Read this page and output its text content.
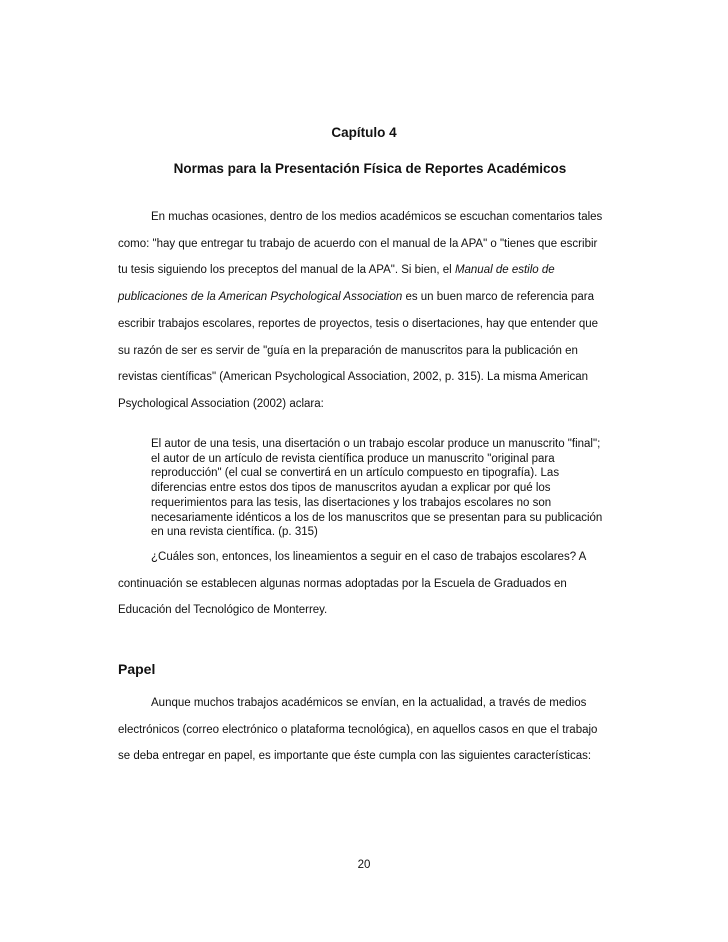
Capítulo 4
Normas para la Presentación Física de Reportes Académicos

En muchas ocasiones, dentro de los medios académicos se escuchan comentarios tales
como: "hay que entregar tu trabajo de acuerdo con el manual de la APA" o "tienes que escribir
tu tesis siguiendo los preceptos del manual de la APA". Si bien, el Manual de estilo de
publicaciones de la American Psychological Association es un buen marco de referencia para
escribir trabajos escolares, reportes de proyectos, tesis o disertaciones, hay que entender que
su razón de ser es servir de "guía en la preparación de manuscritos para la publicación en
revistas científicas" (American Psychological Association, 2002, p. 315). La misma American
Psychological Association (2002) aclara:

El autor de una tesis, una disertación o un trabajo escolar produce un manuscrito "final";
el autor de un artículo de revista científica produce un manuscrito "original para
reproducción" (el cual se convertirá en un artículo compuesto en tipografía). Las
diferencias entre estos dos tipos de manuscritos ayudan a explicar por qué los
requerimientos para las tesis, las disertaciones y los trabajos escolares no son
necesariamente idénticos a los de los manuscritos que se presentan para su publicación
en una revista científica. (p. 315)

¿Cuáles son, entonces, los lineamientos a seguir en el caso de trabajos escolares? A
continuación se establecen algunas normas adoptadas por la Escuela de Graduados en
Educación del Tecnológico de Monterrey.

Papel

Aunque muchos trabajos académicos se envían, en la actualidad, a través de medios
electrónicos (correo electrónico o plataforma tecnológica), en aquellos casos en que el trabajo
se deba entregar en papel, es importante que éste cumpla con las siguientes características:

20
